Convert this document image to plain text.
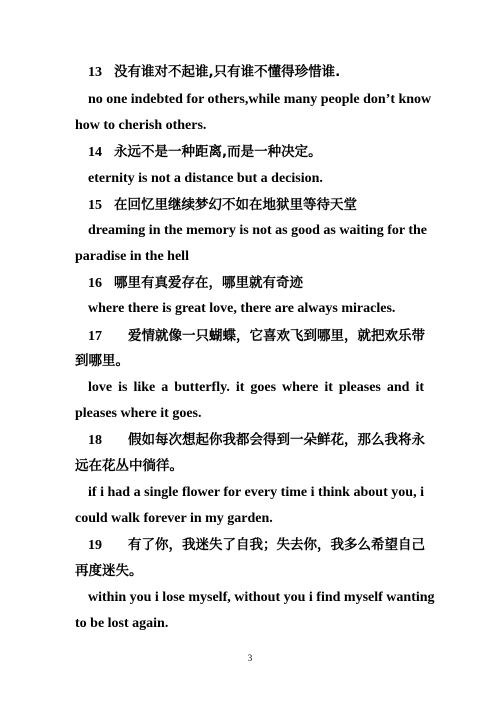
13 没有谁对不起谁,只有谁不懂得珍惜谁.
no one indebted for others,while many people don’t know
how to cherish others.
14 永远不是一种距离,而是一种决定。
eternity is not a distance but a decision.
15 在回忆里继续梦幻不如在地狱里等待天堂
dreaming in the memory is not as good as waiting for the
paradise in the hell
16 哪里有真爱存在，哪里就有奇迹
where there is great love, there are always miracles.
17 爱情就像一只蝴蝶，它喜欢飞到哪里，就把欢乐带
到哪里。
love is like a butterfly. it goes where it pleases and it
pleases where it goes.
18 假如每次想起你我都会得到一朵鲜花，那么我将永
远在花丛中徜徉。
if i had a single flower for every time i think about you, i
could walk forever in my garden.
19 有了你，我迷失了自我；失去你，我多么希望自己
再度迷失。
within you i lose myself, without you i find myself wanting
to be lost again.
3
